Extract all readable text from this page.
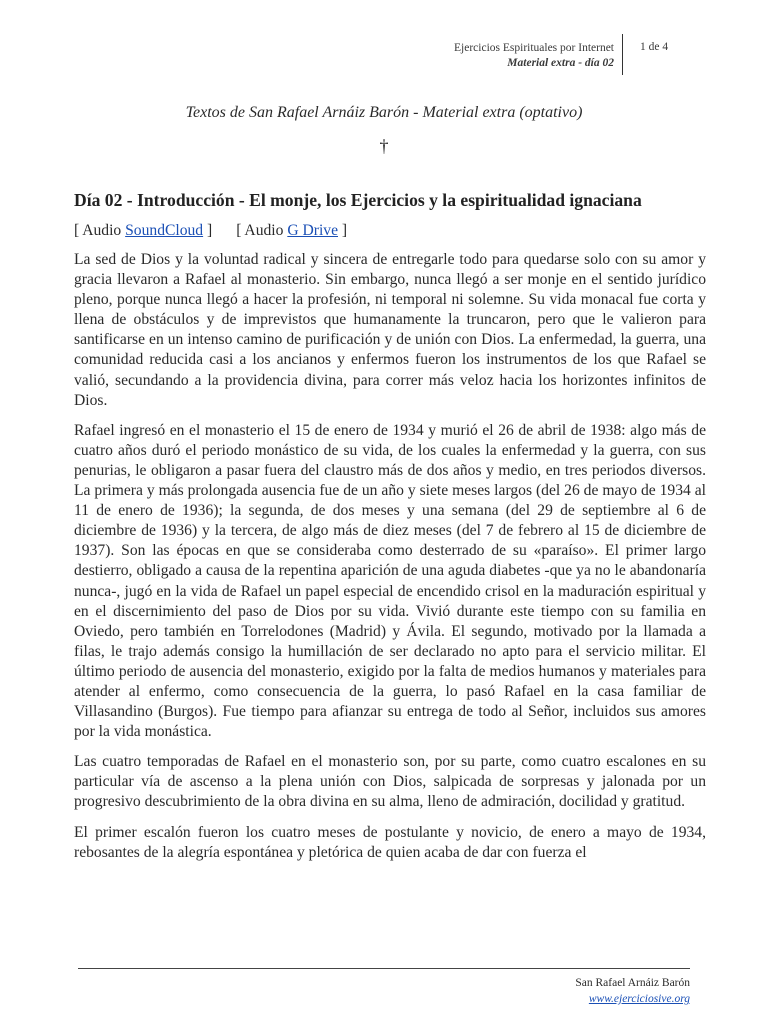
Ejercicios Espirituales por Internet
Material extra - día 02
1 de 4
Textos de San Rafael Arnáiz Barón - Material extra (optativo)
†
Día 02 - Introducción - El monje, los Ejercicios y la espiritualidad ignaciana
[ Audio SoundCloud ] [ Audio G Drive ]

La sed de Dios y la voluntad radical y sincera de entregarle todo para quedarse solo con su amor y gracia llevaron a Rafael al monasterio. Sin embargo, nunca llegó a ser monje en el sentido jurídico pleno, porque nunca llegó a hacer la profesión, ni temporal ni solemne. Su vida monacal fue corta y llena de obstáculos y de imprevistos que humanamente la truncaron, pero que le valieron para santificarse en un intenso camino de purificación y de unión con Dios. La enfermedad, la guerra, una comunidad reducida casi a los ancianos y enfermos fueron los instrumentos de los que Rafael se valió, secundando a la providencia divina, para correr más veloz hacia los horizontes infinitos de Dios.

Rafael ingresó en el monasterio el 15 de enero de 1934 y murió el 26 de abril de 1938: algo más de cuatro años duró el periodo monástico de su vida, de los cuales la enfermedad y la guerra, con sus penurias, le obligaron a pasar fuera del claustro más de dos años y medio, en tres periodos diversos. La primera y más prolongada ausencia fue de un año y siete meses largos (del 26 de mayo de 1934 al 11 de enero de 1936); la segunda, de dos meses y una semana (del 29 de septiembre al 6 de diciembre de 1936) y la tercera, de algo más de diez meses (del 7 de febrero al 15 de diciembre de 1937). Son las épocas en que se consideraba como desterrado de su «paraíso». El primer largo destierro, obligado a causa de la repentina aparición de una aguda diabetes -que ya no le abandonaría nunca-, jugó en la vida de Rafael un papel especial de encendido crisol en la maduración espiritual y en el discernimiento del paso de Dios por su vida. Vivió durante este tiempo con su familia en Oviedo, pero también en Torrelodones (Madrid) y Ávila. El segundo, motivado por la llamada a filas, le trajo además consigo la humillación de ser declarado no apto para el servicio militar. El último periodo de ausencia del monasterio, exigido por la falta de medios humanos y materiales para atender al enfermo, como consecuencia de la guerra, lo pasó Rafael en la casa familiar de Villasandino (Burgos). Fue tiempo para afianzar su entrega de todo al Señor, incluidos sus amores por la vida monástica.

Las cuatro temporadas de Rafael en el monasterio son, por su parte, como cuatro escalones en su particular vía de ascenso a la plena unión con Dios, salpicada de sorpresas y jalonada por un progresivo descubrimiento de la obra divina en su alma, lleno de admiración, docilidad y gratitud.

El primer escalón fueron los cuatro meses de postulante y novicio, de enero a mayo de 1934, rebosantes de la alegría espontánea y pletórica de quien acaba de dar con fuerza el

San Rafael Arnáiz Barón
www.ejerciciosive.org
